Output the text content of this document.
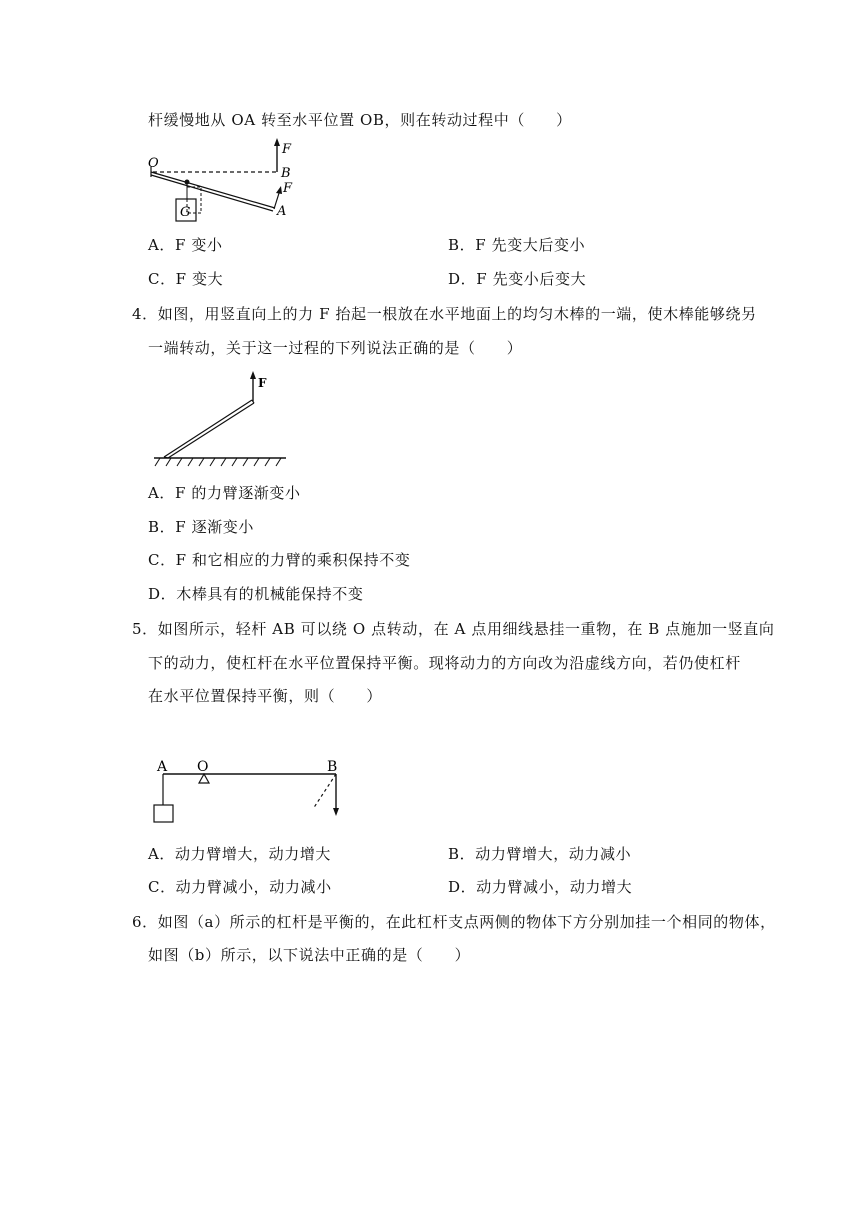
杆缓慢地从 OA 转至水平位置 OB，则在转动过程中（　　）
O
F
B
F
A
G
A．F 变小	B．F 先变大后变小
C．F 变大	D．F 先变小后变大
4．如图，用竖直向上的力 F 抬起一根放在水平地面上的均匀木棒的一端，使木棒能够绕另
一端转动，关于这一过程的下列说法正确的是（　　）
F
A．F 的力臂逐渐变小
B．F 逐渐变小
C．F 和它相应的力臂的乘积保持不变
D．木棒具有的机械能保持不变
5．如图所示，轻杆 AB 可以绕 O 点转动，在 A 点用细线悬挂一重物，在 B 点施加一竖直向
下的动力，使杠杆在水平位置保持平衡。现将动力的方向改为沿虚线方向，若仍使杠杆
在水平位置保持平衡，则（　　）
A O	B
A．动力臂增大，动力增大	B．动力臂增大，动力减小
C．动力臂减小，动力减小	D．动力臂减小，动力增大
6．如图（a）所示的杠杆是平衡的，在此杠杆支点两侧的物体下方分别加挂一个相同的物体，
如图（b）所示，以下说法中正确的是（　　）
